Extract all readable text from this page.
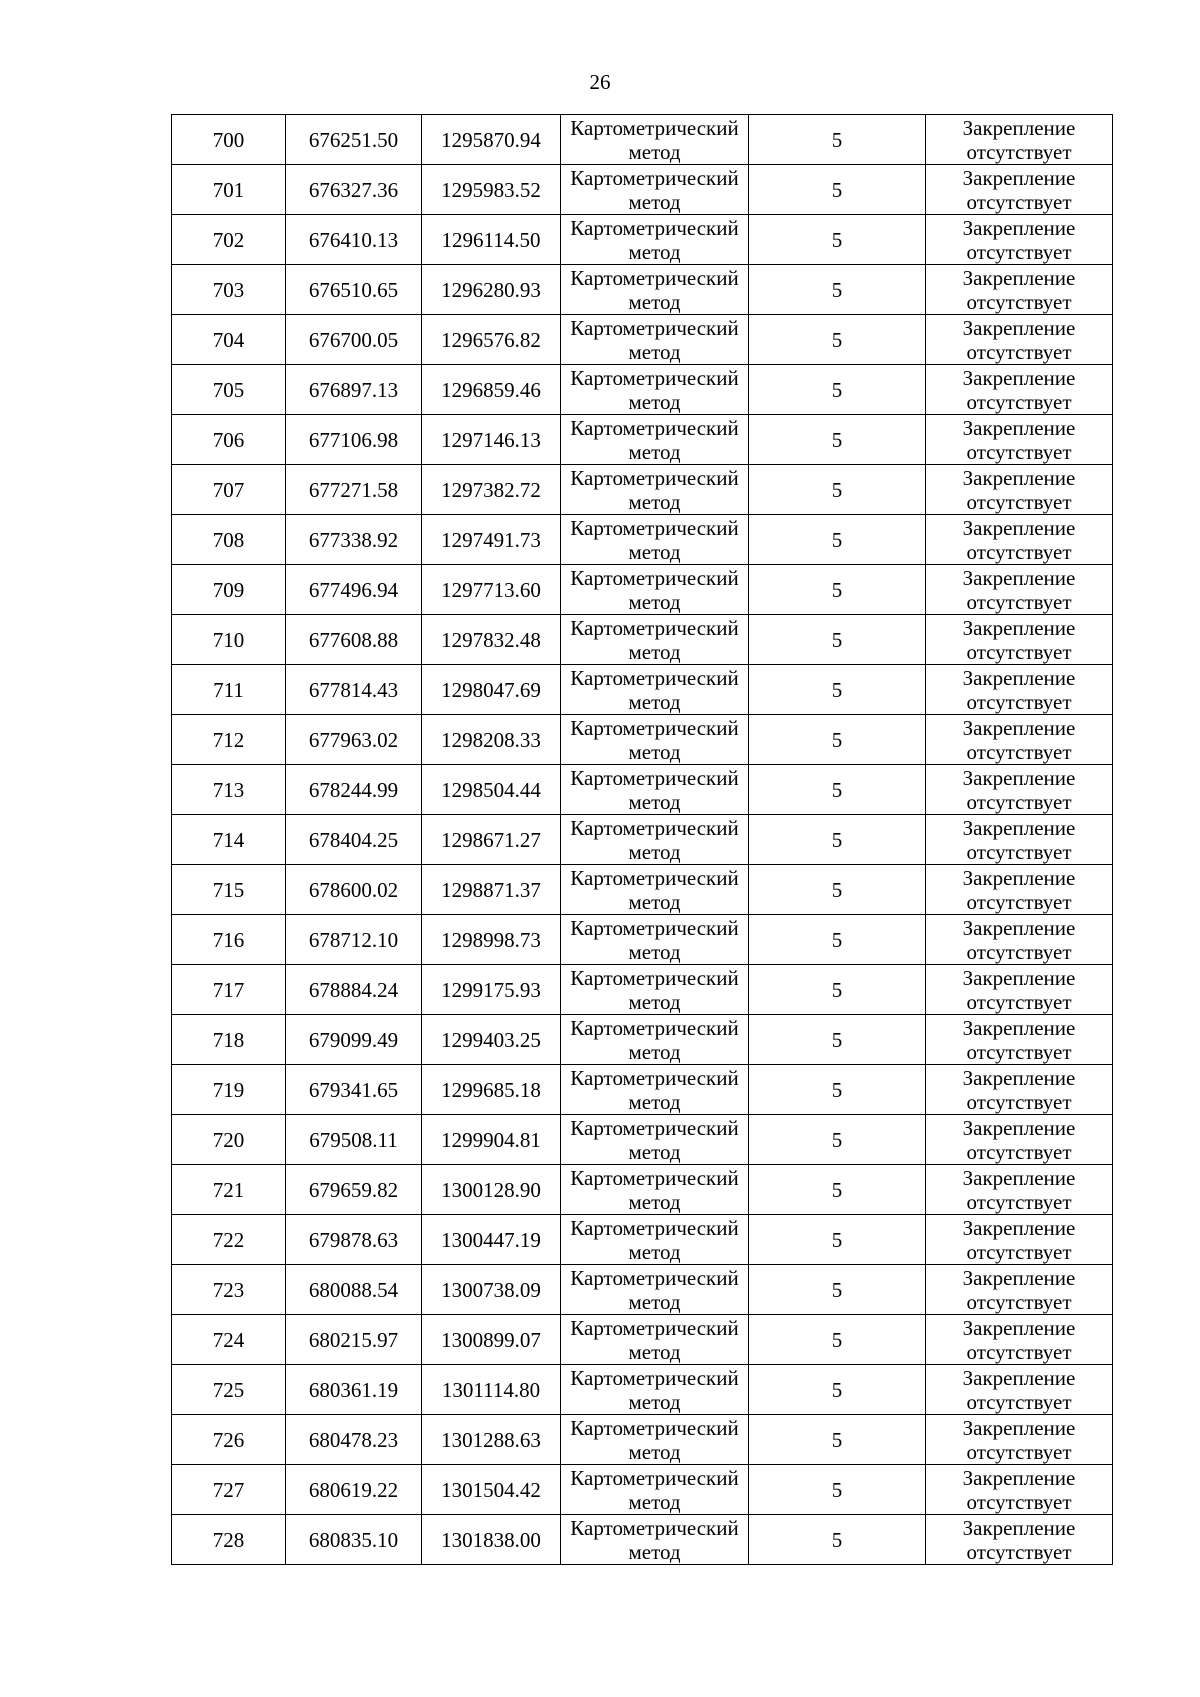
26
700	676251.50	1295870.94	Картометрический
метод	5	Закрепление
отсутствует

701	676327.36	1295983.52	Картометрический
метод	5	Закрепление
отсутствует

702	676410.13	1296114.50	Картометрический
метод	5	Закрепление
отсутствует

703	676510.65	1296280.93	Картометрический
метод	5	Закрепление
отсутствует

704	676700.05	1296576.82	Картометрический
метод	5	Закрепление
отсутствует

705	676897.13	1296859.46	Картометрический
метод	5	Закрепление
отсутствует

706	677106.98	1297146.13	Картометрический
метод	5	Закрепление
отсутствует

707	677271.58	1297382.72	Картометрический
метод	5	Закрепление
отсутствует

708	677338.92	1297491.73	Картометрический
метод	5	Закрепление
отсутствует

709	677496.94	1297713.60	Картометрический
метод	5	Закрепление
отсутствует

710	677608.88	1297832.48	Картометрический
метод	5	Закрепление
отсутствует

711	677814.43	1298047.69	Картометрический
метод	5	Закрепление
отсутствует

712	677963.02	1298208.33	Картометрический
метод	5	Закрепление
отсутствует

713	678244.99	1298504.44	Картометрический
метод	5	Закрепление
отсутствует

714	678404.25	1298671.27	Картометрический
метод	5	Закрепление
отсутствует

715	678600.02	1298871.37	Картометрический
метод	5	Закрепление
отсутствует

716	678712.10	1298998.73	Картометрический
метод	5	Закрепление
отсутствует

717	678884.24	1299175.93	Картометрический
метод	5	Закрепление
отсутствует

718	679099.49	1299403.25	Картометрический
метод	5	Закрепление
отсутствует

719	679341.65	1299685.18	Картометрический
метод	5	Закрепление
отсутствует

720	679508.11	1299904.81	Картометрический
метод	5	Закрепление
отсутствует

721	679659.82	1300128.90	Картометрический
метод	5	Закрепление
отсутствует

722	679878.63	1300447.19	Картометрический
метод	5	Закрепление
отсутствует

723	680088.54	1300738.09	Картометрический
метод	5	Закрепление
отсутствует

724	680215.97	1300899.07	Картометрический
метод	5	Закрепление
отсутствует

725	680361.19	1301114.80	Картометрический
метод	5	Закрепление
отсутствует

726	680478.23	1301288.63	Картометрический
метод	5	Закрепление
отсутствует

727	680619.22	1301504.42	Картометрический
метод	5	Закрепление
отсутствует

728	680835.10	1301838.00	Картометрический
метод	5	Закрепление
отсутствует
